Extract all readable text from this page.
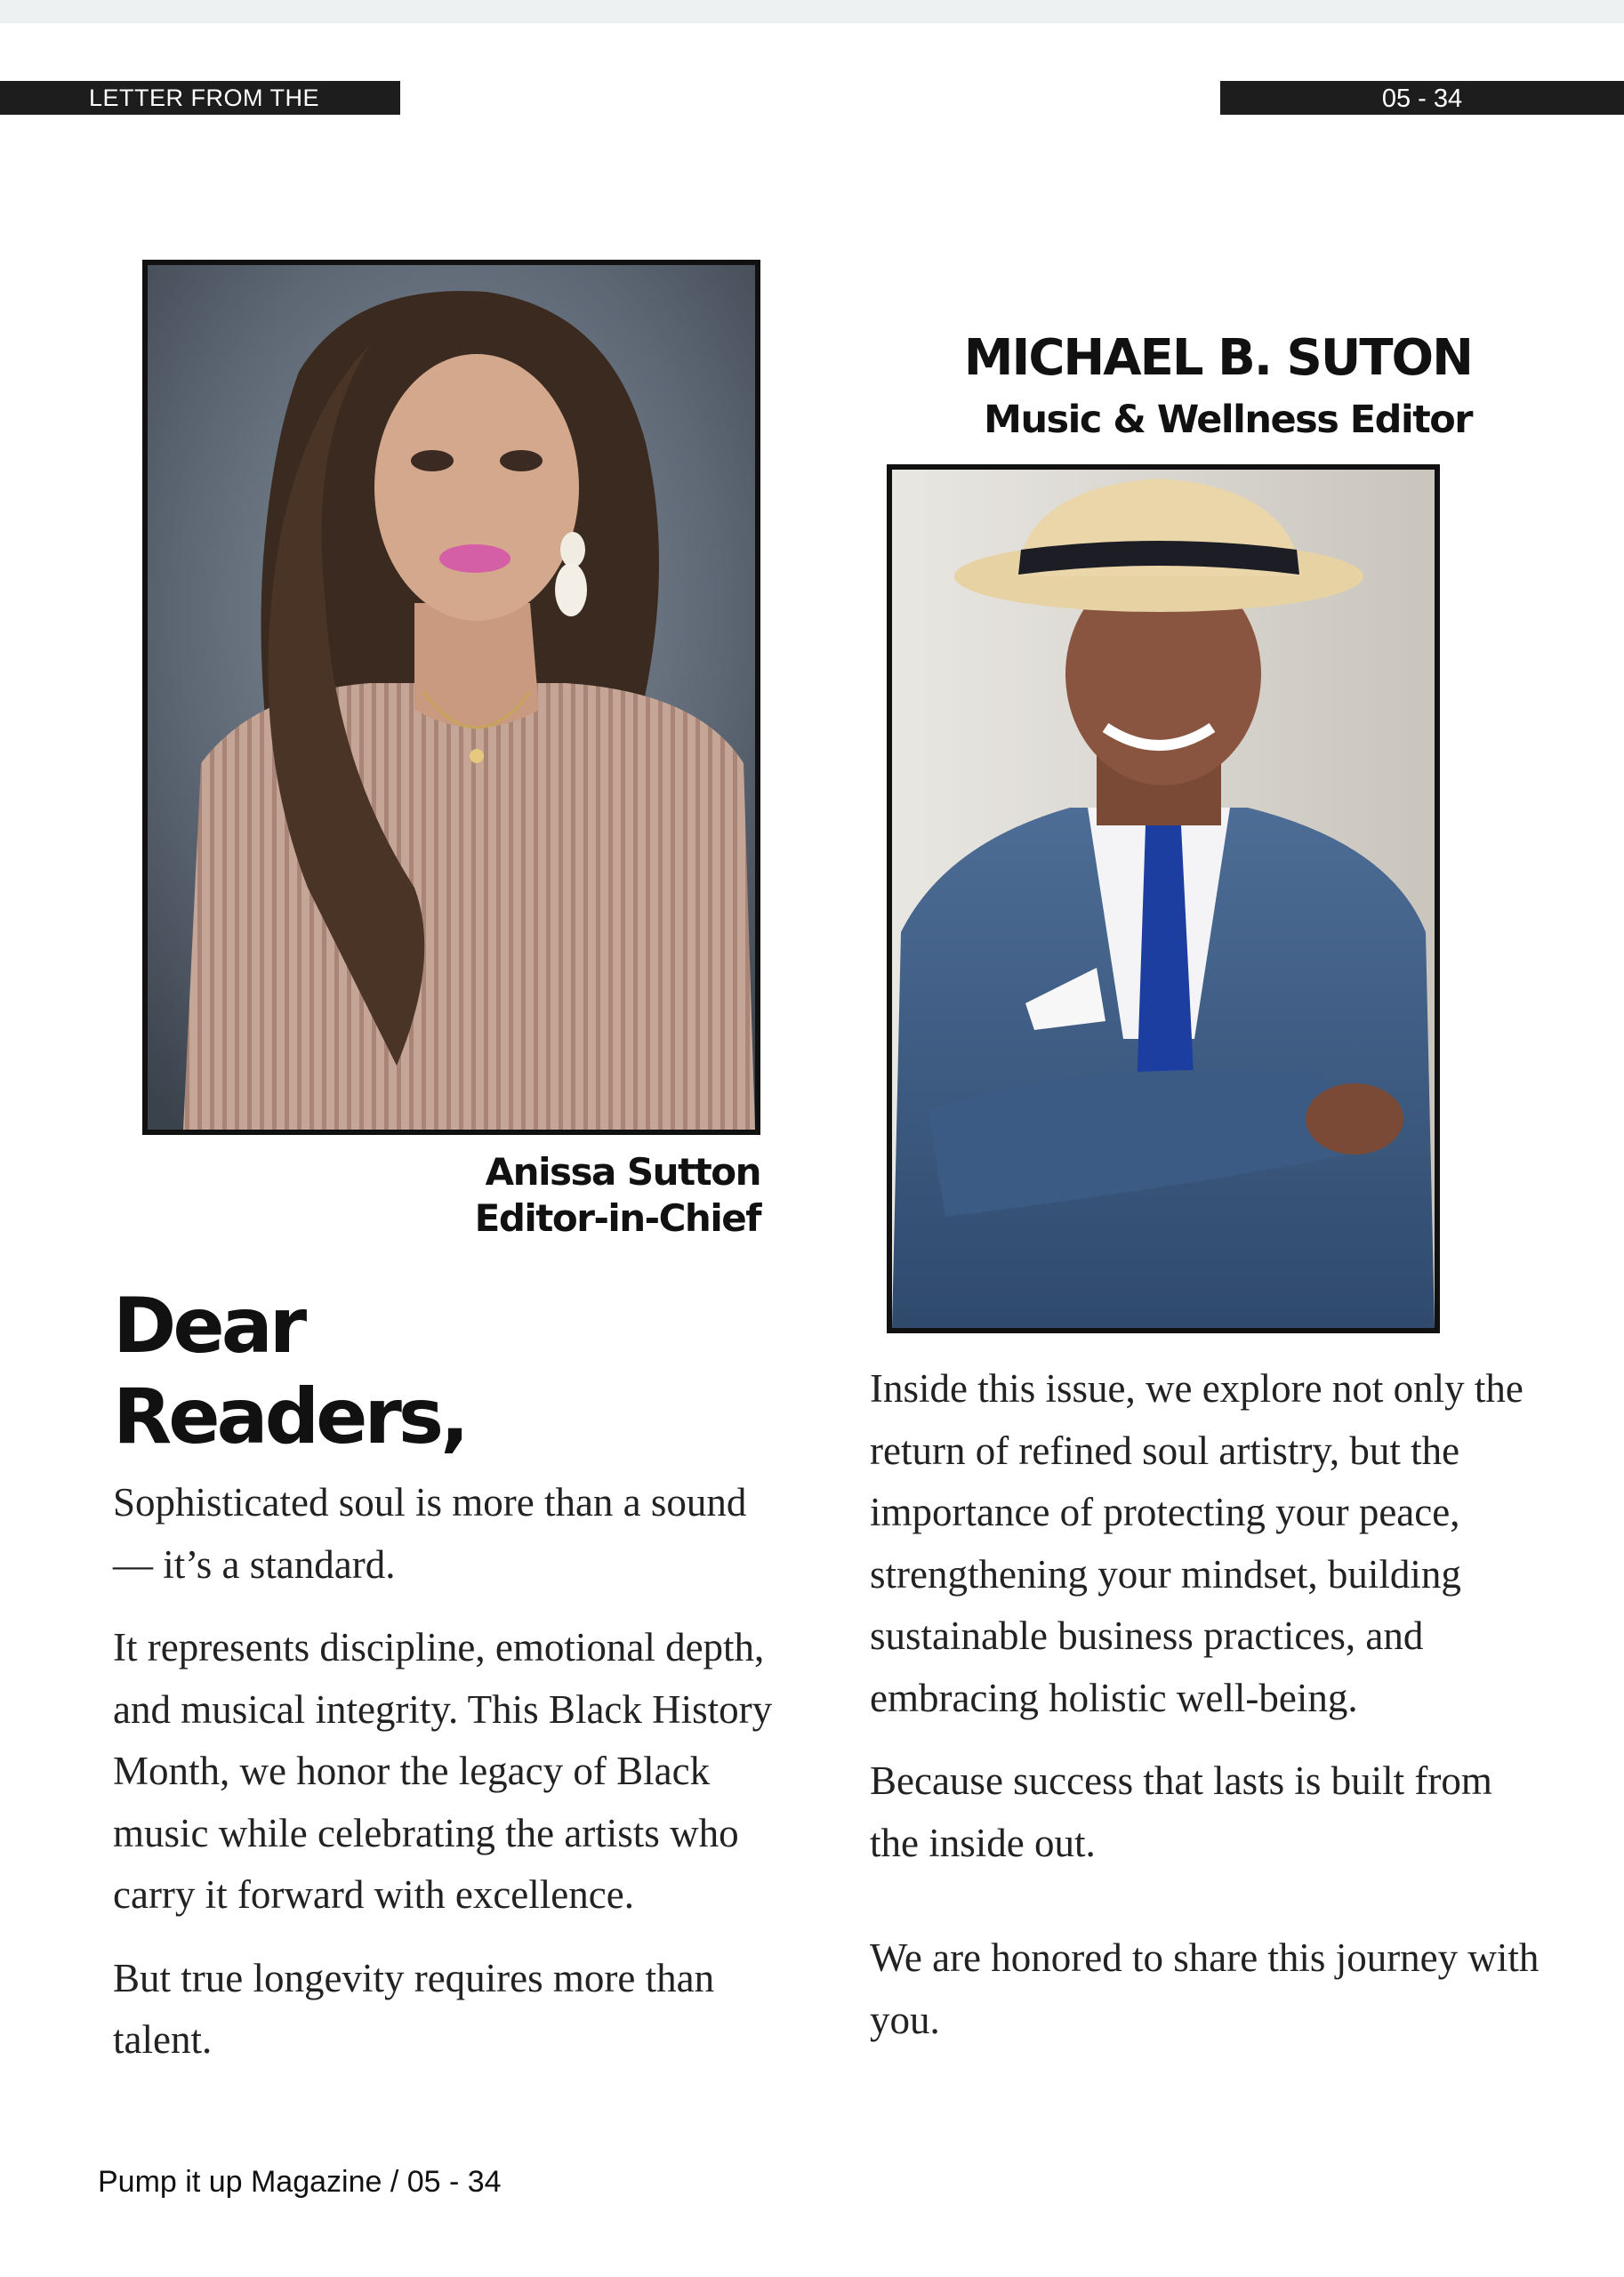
LETTER FROM THE EDITORS
05 - 34
Anissa Sutton
Editor-in-Chief
MICHAEL B. SUTON
Music & Wellness Editor
Dear
Readers,

Sophisticated soul is more than a sound — it’s a standard.

It represents discipline, emotional depth, and musical integrity. This Black History Month, we honor the legacy of Black music while celebrating the artists who carry it forward with excellence.

But true longevity requires more than talent.

Inside this issue, we explore not only the return of refined soul artistry, but the importance of protecting your peace, strengthening your mindset, building sustainable business practices, and embracing holistic well-being.

Because success that lasts is built from the inside out.

We are honored to share this journey with you.

Pump it up Magazine / 05 - 34
